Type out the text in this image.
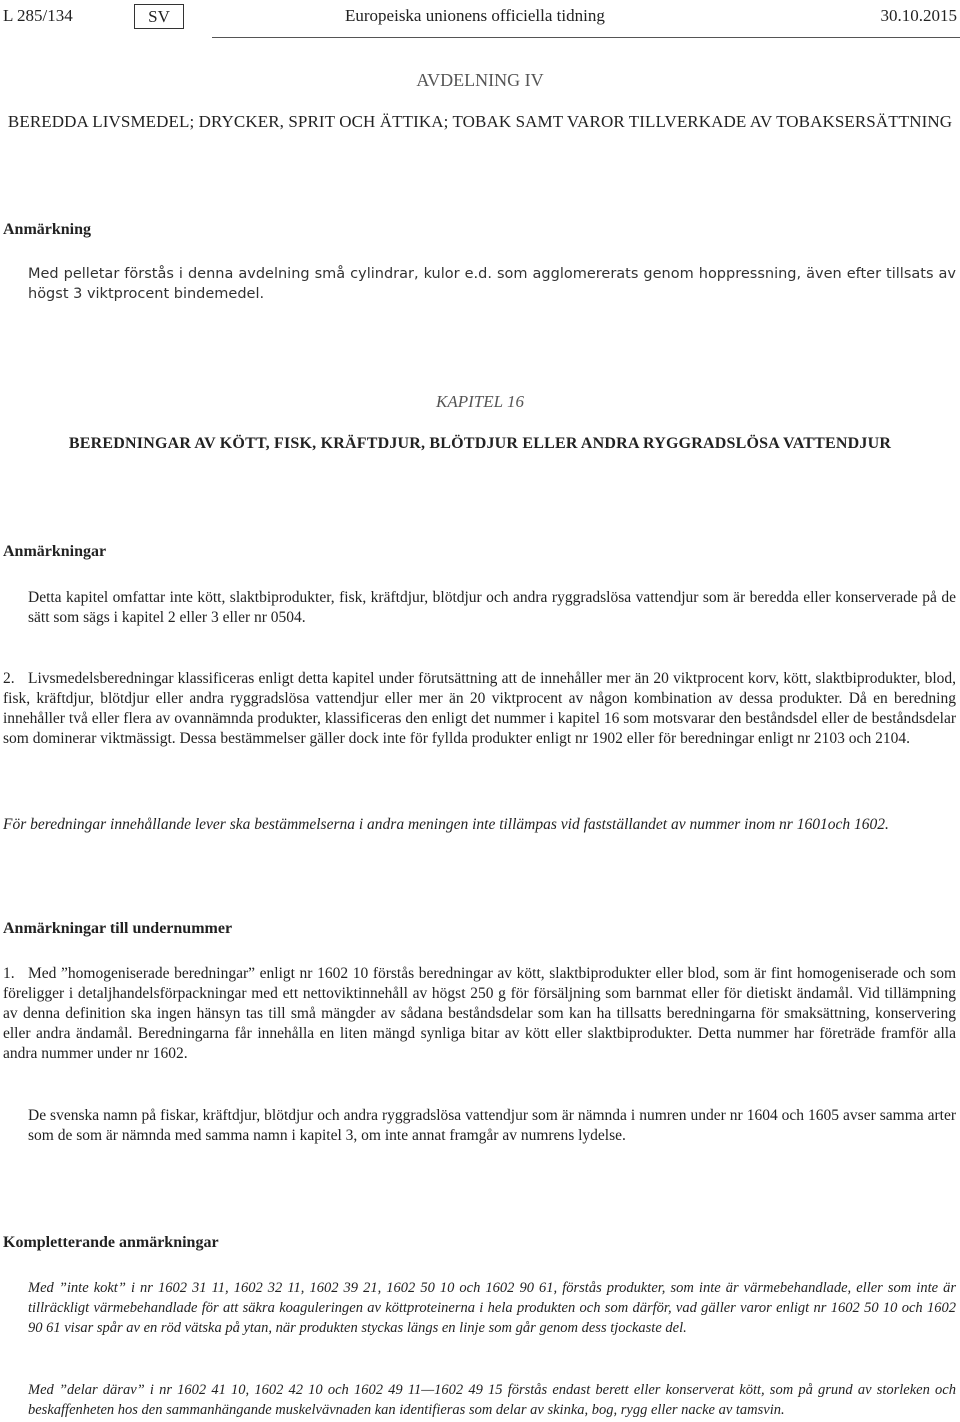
L 285/134	SV	Europeiska unionens officiella tidning	30.10.2015
AVDELNING IV
BEREDDA LIVSMEDEL; DRYCKER, SPRIT OCH ÄTTIKA; TOBAK SAMT VAROR TILLVERKADE AV TOBAKSERSÄTTNING
Anmärkning
Med pelletar förstås i denna avdelning små cylindrar, kulor e.d. som agglomererats genom hoppressning, även efter tillsats av högst 3 viktprocent bindemedel.
KAPITEL 16
BEREDNINGAR AV KÖTT, FISK, KRÄFTDJUR, BLÖTDJUR ELLER ANDRA RYGGRADSLÖSA VATTENDJUR
Anmärkningar
Detta kapitel omfattar inte kött, slaktbiprodukter, fisk, kräftdjur, blötdjur och andra ryggradslösa vattendjur som är beredda eller konserverade på de sätt som sägs i kapitel 2 eller 3 eller nr 0504.
2. Livsmedelsberedningar klassificeras enligt detta kapitel under förutsättning att de innehåller mer än 20 viktprocent korv, kött, slaktbiprodukter, blod, fisk, kräftdjur, blötdjur eller andra ryggradslösa vattendjur eller mer än 20 viktprocent av någon kombination av dessa produkter. Då en beredning innehåller två eller flera av ovannämnda produkter, klassificeras den enligt det nummer i kapitel 16 som motsvarar den beståndsdel eller de beståndsdelar som dominerar viktmässigt. Dessa bestämmelser gäller dock inte för fyllda produkter enligt nr 1902 eller för beredningar enligt nr 2103 och 2104.
För beredningar innehållande lever ska bestämmelserna i andra meningen inte tillämpas vid fastställandet av nummer inom nr 1601och 1602.
Anmärkningar till undernummer
1. Med ”homogeniserade beredningar” enligt nr 1602 10 förstås beredningar av kött, slaktbiprodukter eller blod, som är fint homogeniserade och som föreligger i detaljhandelsförpackningar med ett nettoviktinnehåll av högst 250 g för försäljning som barnmat eller för dietiskt ändamål. Vid tillämpning av denna definition ska ingen hänsyn tas till små mängder av sådana beståndsdelar som kan ha tillsatts beredningarna för smaksättning, konservering eller andra ändamål. Beredningarna får innehålla en liten mängd synliga bitar av kött eller slaktbiprodukter. Detta nummer har företräde framför alla andra nummer under nr 1602.
De svenska namn på fiskar, kräftdjur, blötdjur och andra ryggradslösa vattendjur som är nämnda i numren under nr 1604 och 1605 avser samma arter som de som är nämnda med samma namn i kapitel 3, om inte annat framgår av numrens lydelse.
Kompletterande anmärkningar
Med ”inte kokt” i nr 1602 31 11, 1602 32 11, 1602 39 21, 1602 50 10 och 1602 90 61, förstås produkter, som inte är värmebehandlade, eller som inte är tillräckligt värmebehandlade för att säkra koaguleringen av köttproteinerna i hela produkten och som därför, vad gäller varor enligt nr 1602 50 10 och 1602 90 61 visar spår av en röd vätska på ytan, när produkten styckas längs en linje som går genom dess tjockaste del.
Med ”delar därav” i nr 1602 41 10, 1602 42 10 och 1602 49 11—1602 49 15 förstås endast berett eller konserverat kött, som på grund av storleken och beskaffenheten hos den sammanhängande muskelvävnaden kan identifieras som delar av skinka, bog, rygg eller nacke av tamsvin.
